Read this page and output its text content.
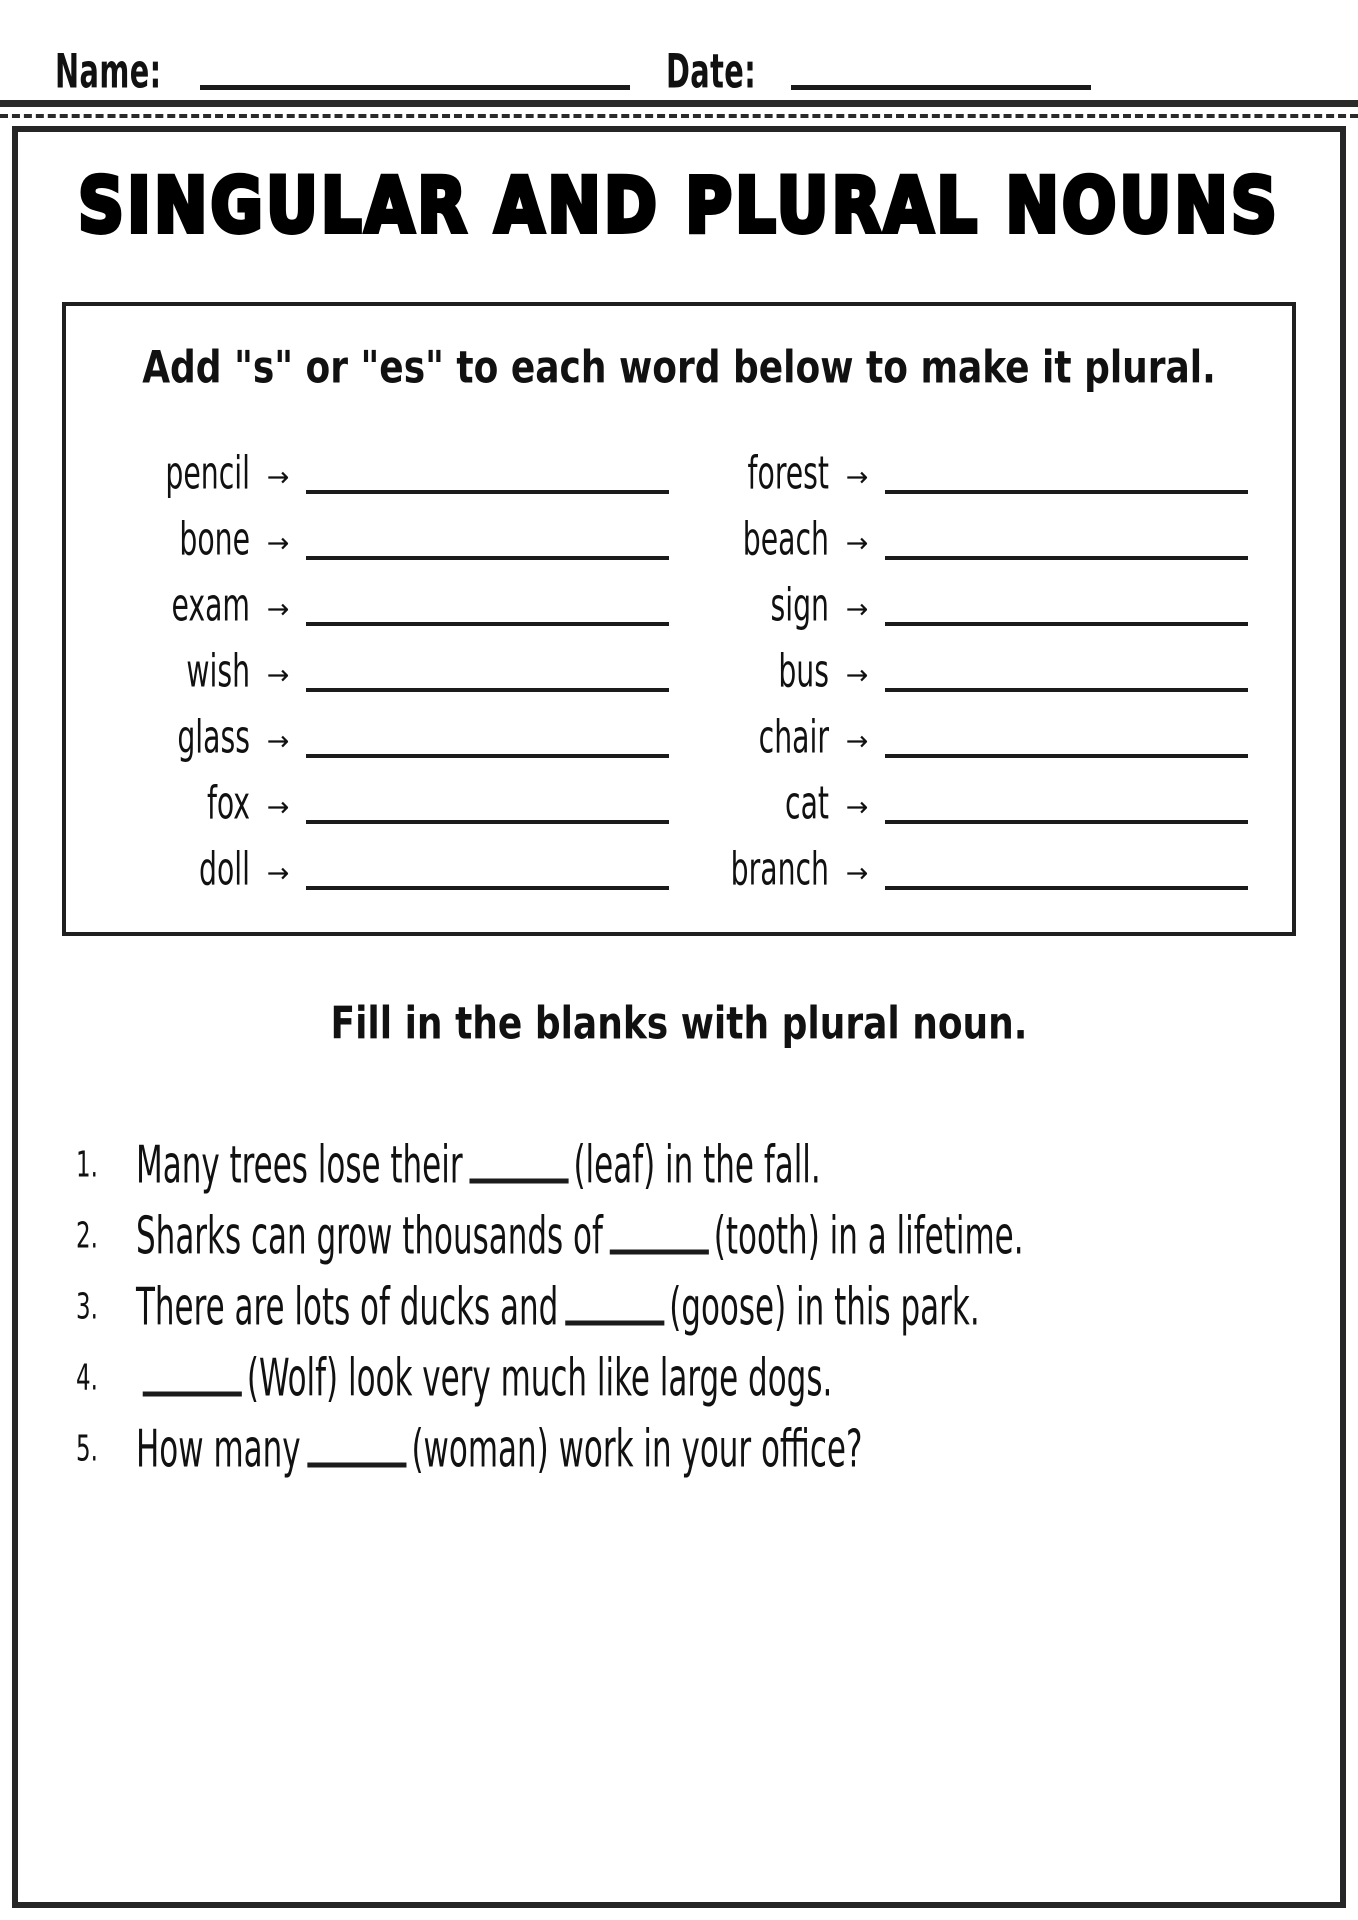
Name:	Date:
SINGULAR AND PLURAL NOUNS
Add "s" or "es" to each word below to make it plural.
pencil →
bone →
exam →
wish →
glass →
fox →
doll →
forest →
beach →
sign →
bus →
chair →
cat →
branch →
Fill in the blanks with plural noun.
1. Many trees lose their	(leaf) in the fall.
2. Sharks can grow thousands of	(tooth) in a lifetime.
3. There are lots of ducks and	(goose) in this park.
4.	(Wolf) look very much like large dogs.
5. How many	(woman) work in your office?
